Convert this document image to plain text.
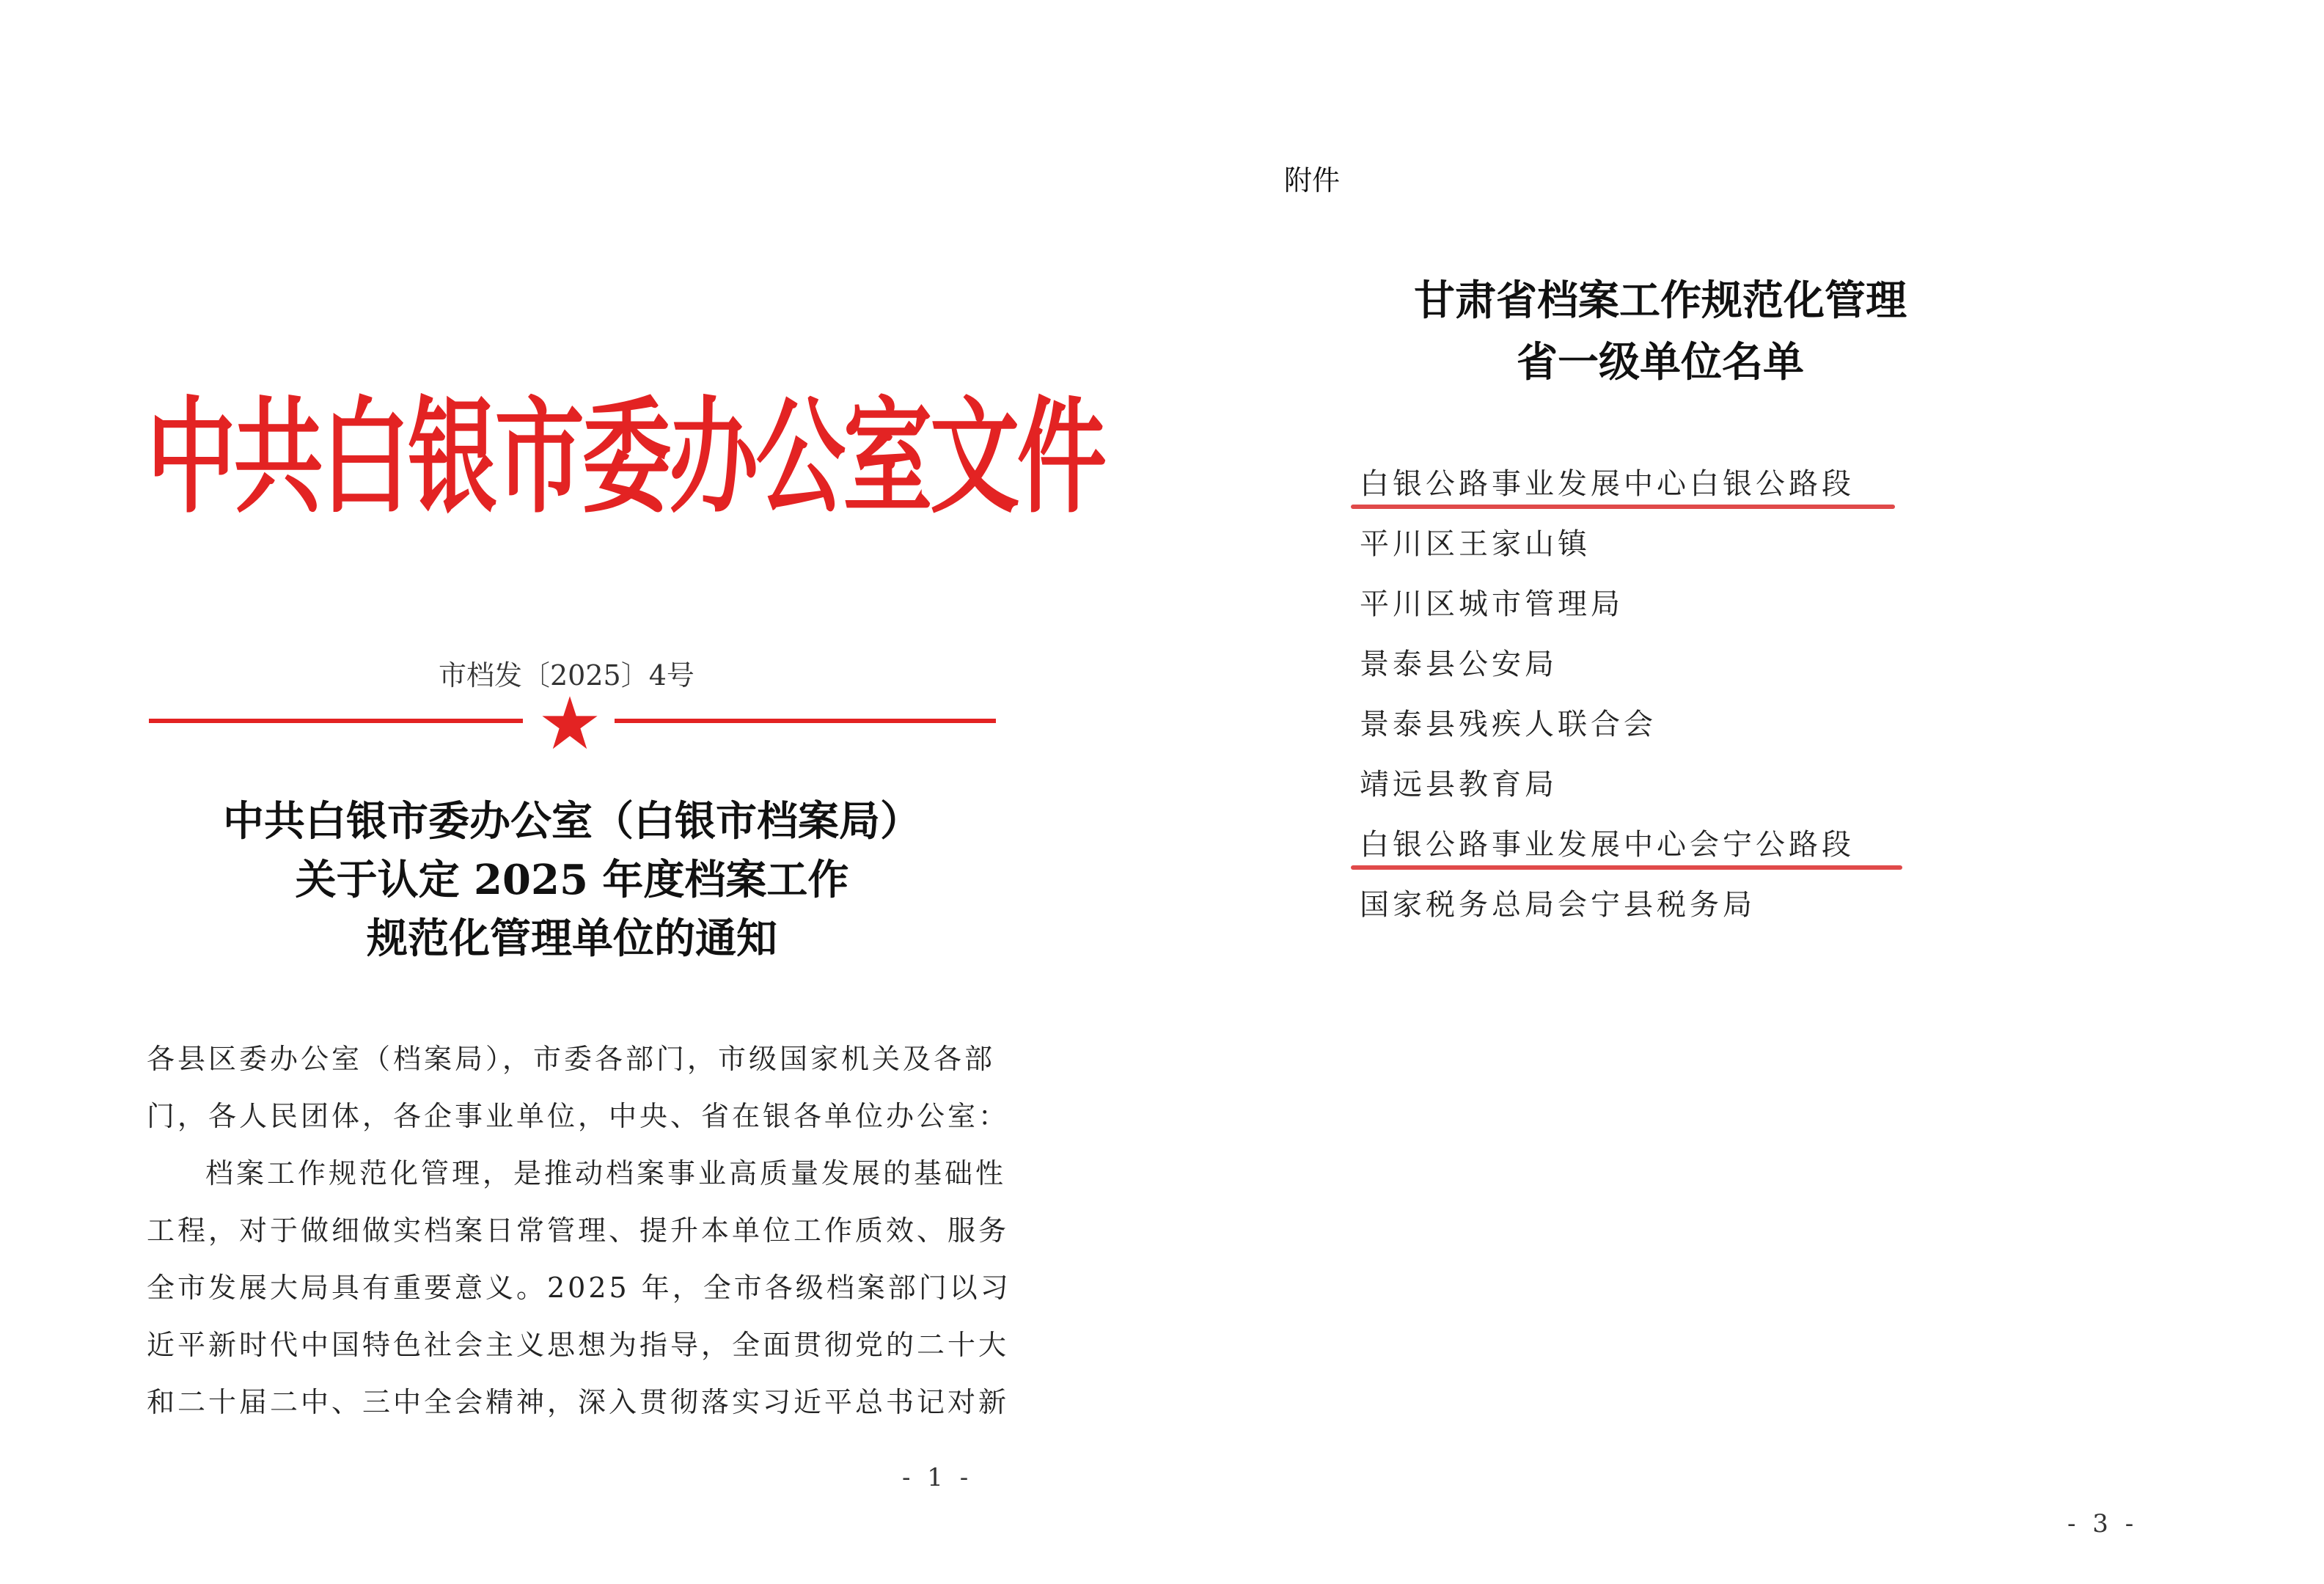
中共白银市委办公室文件
市档发〔2025〕4号
中共白银市委办公室（白银市档案局）
关于认定 2025 年度档案工作
规范化管理单位的通知
各县区委办公室（档案局），市委各部门，市级国家机关及各部
门，各人民团体，各企事业单位，中央、省在银各单位办公室：
档案工作规范化管理，是推动档案事业高质量发展的基础性
工程，对于做细做实档案日常管理、提升本单位工作质效、服务
全市发展大局具有重要意义。2025 年，全市各级档案部门以习
近平新时代中国特色社会主义思想为指导，全面贯彻党的二十大
和二十届二中、三中全会精神，深入贯彻落实习近平总书记对新
- 1 -
附件
甘肃省档案工作规范化管理
省一级单位名单
白银公路事业发展中心白银公路段
平川区王家山镇
平川区城市管理局
景泰县公安局
景泰县残疾人联合会
靖远县教育局
白银公路事业发展中心会宁公路段
国家税务总局会宁县税务局
- 3 -
